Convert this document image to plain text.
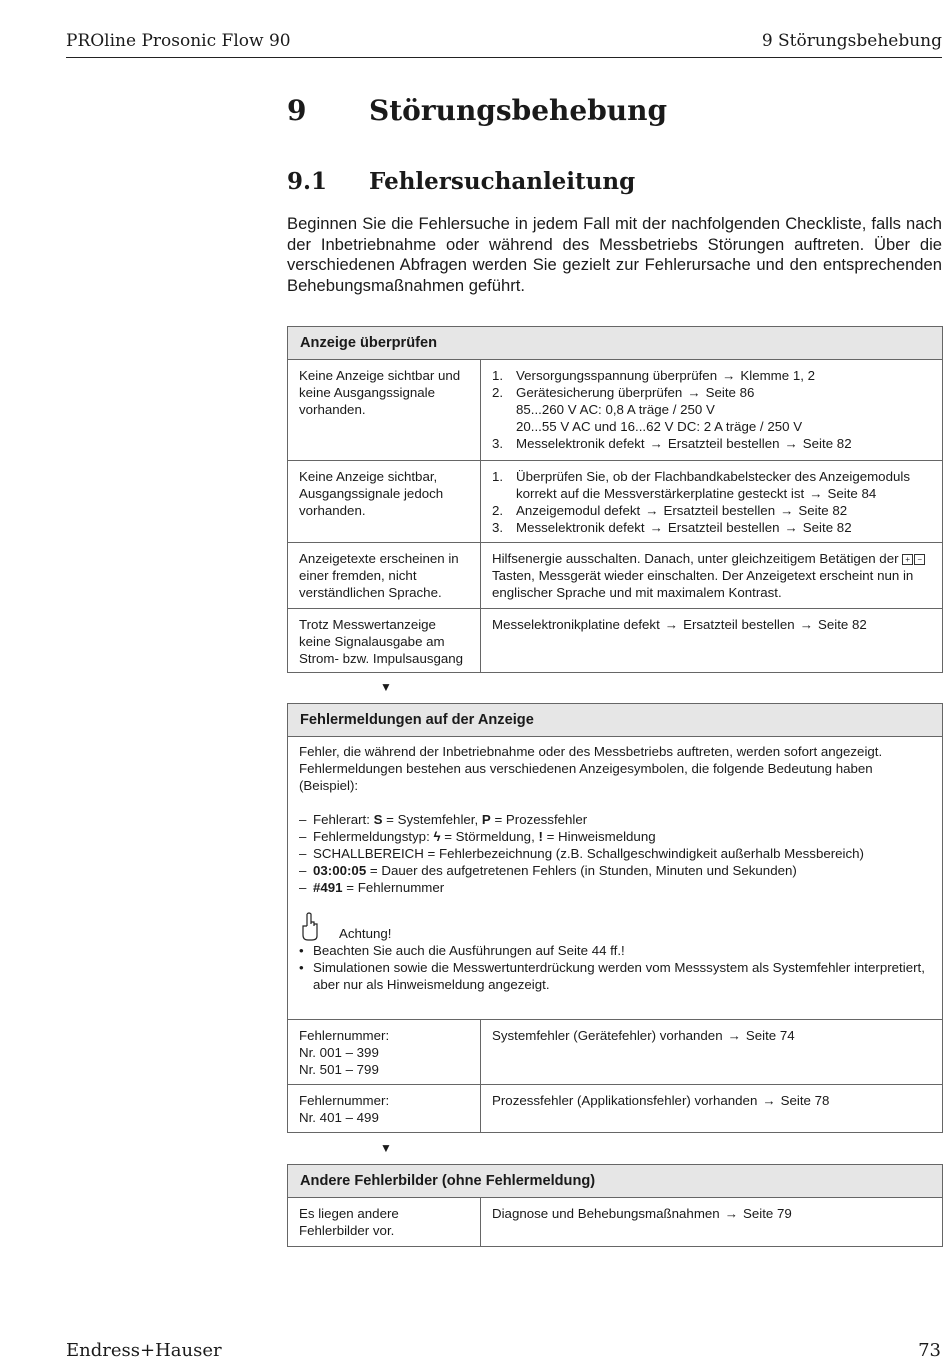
PROline Prosonic Flow 90	9 Störungsbehebung
9 Störungsbehebung
9.1 Fehlersuchanleitung
Beginnen Sie die Fehlersuche in jedem Fall mit der nachfolgenden Checkliste, falls nach der Inbetriebnahme oder während des Messbetriebs Störungen auftreten. Über die verschiedenen Abfragen werden Sie gezielt zur Fehlerursache und den entsprechenden Behebungsmaßnahmen geführt.
Anzeige überprüfen
Keine Anzeige sichtbar und keine Ausgangssignale vorhanden.
1. Versorgungsspannung überprüfen → Klemme 1, 2
2. Gerätesicherung überprüfen → Seite 86
85...260 V AC: 0,8 A träge / 250 V
20...55 V AC und 16...62 V DC: 2 A träge / 250 V
3. Messelektronik defekt → Ersatzteil bestellen → Seite 82
Keine Anzeige sichtbar, Ausgangssignale jedoch vorhanden.
1. Überprüfen Sie, ob der Flachbandkabelstecker des Anzeigemoduls korrekt auf die Messverstärkerplatine gesteckt ist → Seite 84
2. Anzeigemodul defekt → Ersatzteil bestellen → Seite 82
3. Messelektronik defekt → Ersatzteil bestellen → Seite 82
Anzeigetexte erscheinen in einer fremden, nicht verständlichen Sprache.
Hilfsenergie ausschalten. Danach, unter gleichzeitigem Betätigen der + −
Tasten, Messgerät wieder einschalten. Der Anzeigetext erscheint nun in englischer Sprache und mit maximalem Kontrast.
Trotz Messwertanzeige keine Signalausgabe am Strom- bzw. Impulsausgang
Messelektronikplatine defekt → Ersatzteil bestellen → Seite 82
▼
Fehlermeldungen auf der Anzeige
Fehler, die während der Inbetriebnahme oder des Messbetriebs auftreten, werden sofort angezeigt. Fehlermeldungen bestehen aus verschiedenen Anzeigesymbolen, die folgende Bedeutung haben (Beispiel):
– Fehlerart: S = Systemfehler, P = Prozessfehler
– Fehlermeldungstyp: ϟ = Störmeldung, ! = Hinweismeldung
– SCHALLBEREICH = Fehlerbezeichnung (z.B. Schallgeschwindigkeit außerhalb Messbereich)
– 03:00:05 = Dauer des aufgetretenen Fehlers (in Stunden, Minuten und Sekunden)
– #491 = Fehlernummer
Achtung!
• Beachten Sie auch die Ausführungen auf Seite 44 ff.!
• Simulationen sowie die Messwertunterdrückung werden vom Messsystem als Systemfehler interpretiert, aber nur als Hinweismeldung angezeigt.
Fehlernummer:
Nr. 001 – 399
Nr. 501 – 799
Systemfehler (Gerätefehler) vorhanden → Seite 74
Fehlernummer:
Nr. 401 – 499
Prozessfehler (Applikationsfehler) vorhanden → Seite 78
▼
Andere Fehlerbilder (ohne Fehlermeldung)
Es liegen andere Fehlerbilder vor.
Diagnose und Behebungsmaßnahmen → Seite 79
Endress+Hauser	73
